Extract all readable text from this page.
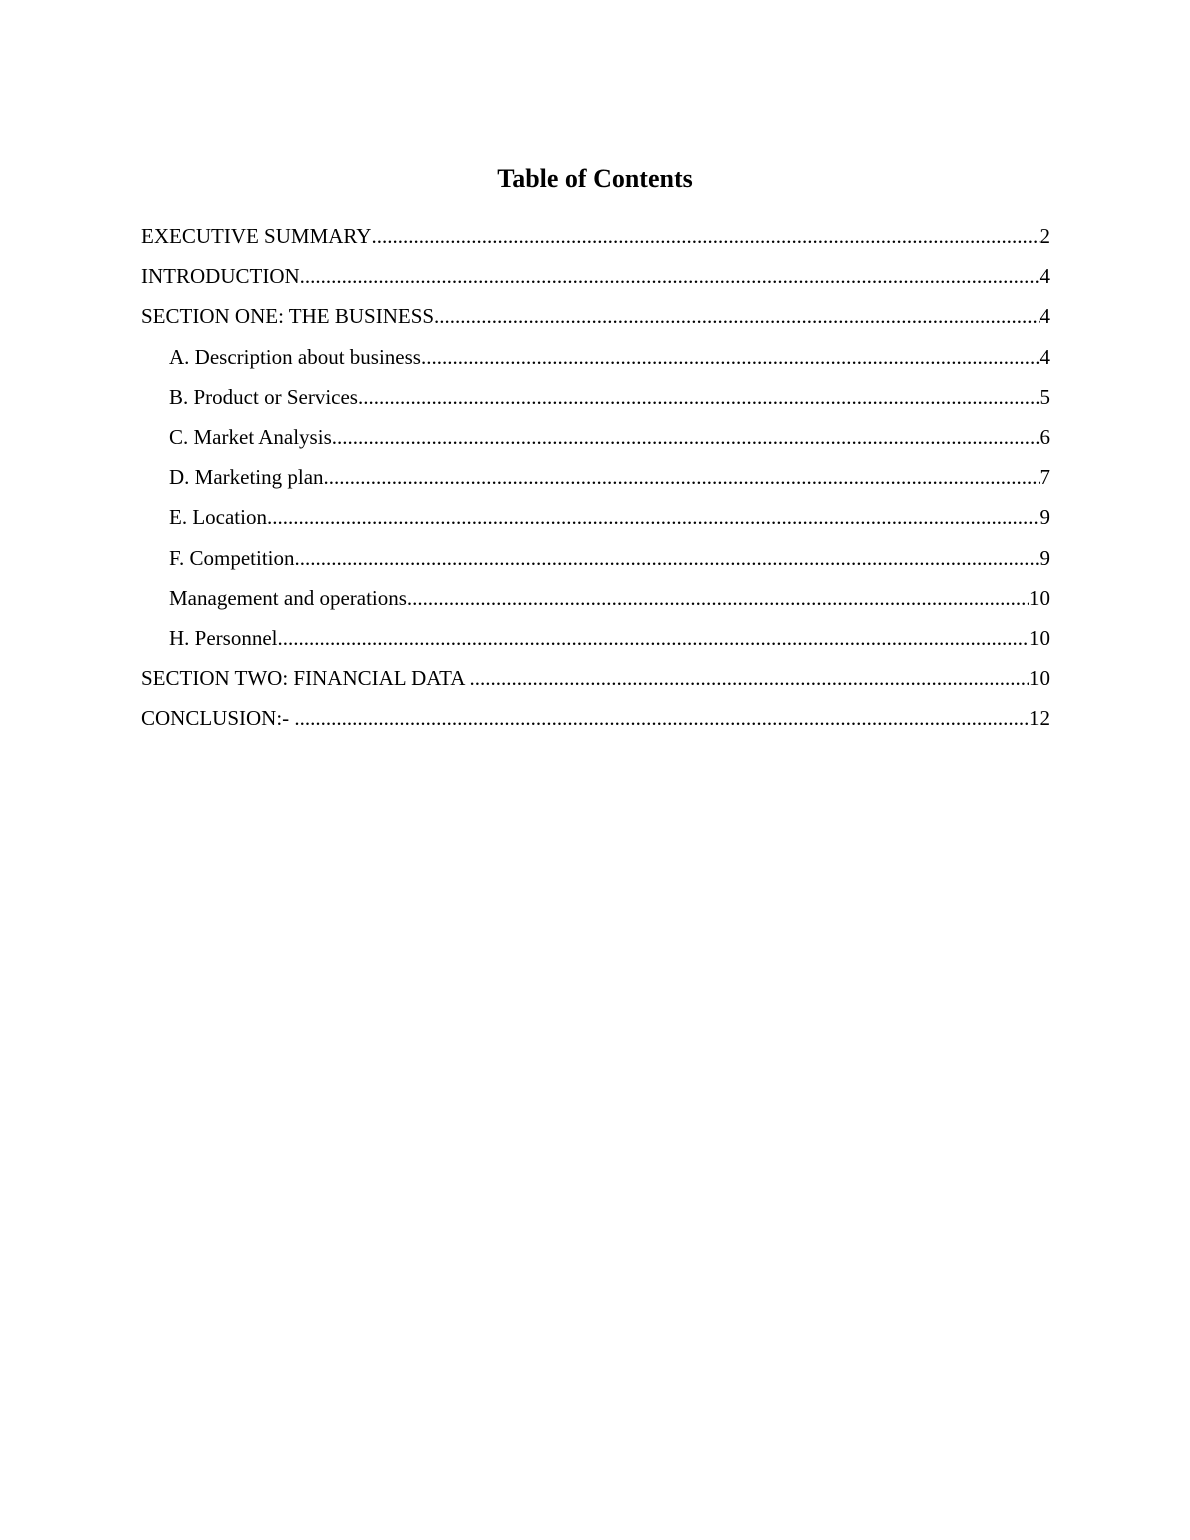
Table of Contents
EXECUTIVE SUMMARY .....	2
INTRODUCTION .....	4
SECTION ONE: THE BUSINESS .....	4
A. Description about business .....	4
B. Product or Services .....	5
C. Market Analysis .....	6
D. Marketing plan .....	7
E. Location .....	9
F. Competition .....	9
Management and operations .....	10
H. Personnel .....	10
SECTION TWO: FINANCIAL DATA .....	10
CONCLUSION:- .....	12
